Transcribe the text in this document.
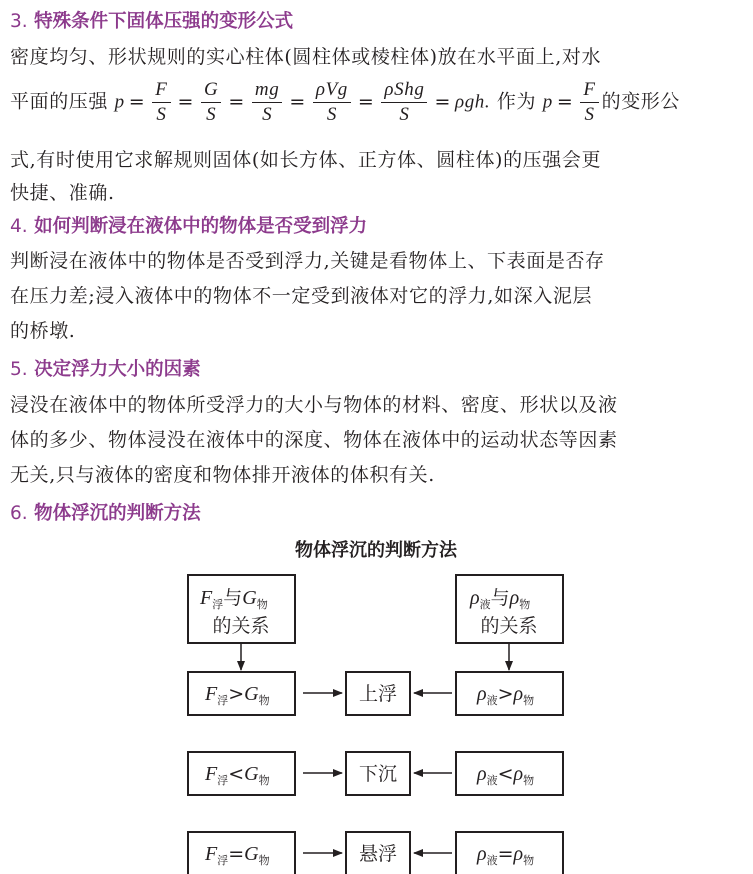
3. 特殊条件下固体压强的变形公式
密度均匀、形状规则的实心柱体(圆柱体或棱柱体)放在水平面上,对水
平面的压强 $p = \frac{F}{S} = \frac{G}{S} = \frac{mg}{S} = \frac{\text{ρVg}}{S} = \frac{\text{ρShg}}{S} = \rho gh$. 作为 $p = \frac{F}{S}$ 的变形公
式,有时使用它求解规则固体(如长方体、正方体、圆柱体)的压强会更
快捷、准确.
4. 如何判断浸在液体中的物体是否受到浮力
判断浸在液体中的物体是否受到浮力,关键是看物体上、下表面是否存
在压力差;浸入液体中的物体不一定受到液体对它的浮力,如深入泥层
的桥墩.
5. 决定浮力大小的因素
浸没在液体中的物体所受浮力的大小与物体的材料、密度、形状以及液
体的多少、物体浸没在液体中的深度、物体在液体中的运动状态等因素
无关,只与液体的密度和物体排开液体的体积有关.
6. 物体浮沉的判断方法
物体浮沉的判断方法
$F_浮$与$G_物$
的关系
$\rho_液$与$\rho_物$
的关系
$F_浮>G_物$	上浮	$\rho_液>\rho_物$
$F_浮<G_物$	下沉	$\rho_液<\rho_物$
$F_浮=G_物$	悬浮	$\rho_液=\rho_物$
